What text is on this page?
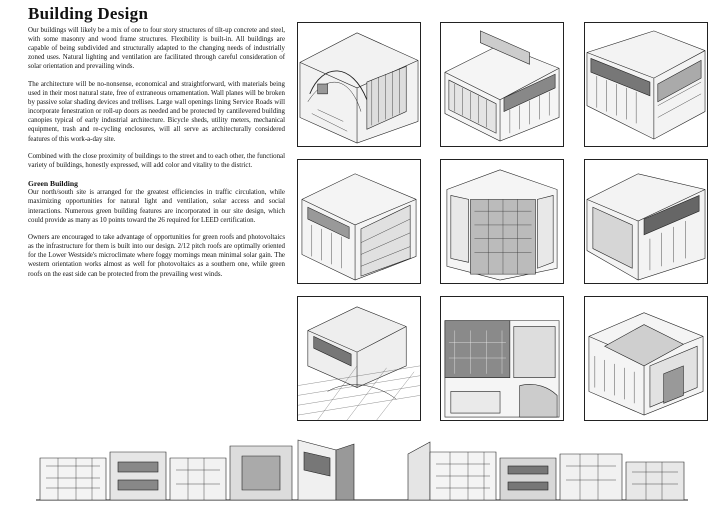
Building Design

Our buildings will likely be a mix of one to four story structures of tilt-up concrete and steel, with some masonry and wood frame structures. Flexibility is built-in. All buildings are capable of being subdivided and structurally adapted to the changing needs of industrially zoned uses. Natural lighting and ventilation are facilitated through careful consideration of solar orientation and prevailing winds.

The architecture will be no-nonsense, economical and straightforward, with materials being used in their most natural state, free of extraneous ornamentation. Wall planes will be broken by passive solar shading devices and trellises. Large wall openings lining Service Roads will incorporate fenestration or roll-up doors as needed and be protected by cantilevered building canopies typical of early industrial architecture. Bicycle sheds, utility meters, mechanical equipment, trash and re-cycling enclosures, will all serve as architecturally considered features of this work-a-day site.

Combined with the close proximity of buildings to the street and to each other, the functional variety of buildings, honestly expressed, will add color and vitality to the district.

Green Building

Our north/south site is arranged for the greatest efficiencies in traffic circulation, while maximizing opportunities for natural light and ventilation, solar access and social interactions. Numerous green building features are incorporated in our site design, which could provide as many as 10 points toward the 26 required for LEED certification.

Owners are encouraged to take advantage of opportunities for green roofs and photovoltaics as the infrastructure for them is built into our design. 2/12 pitch roofs are optimally oriented for the Lower Westside's microclimate where foggy mornings mean minimal solar gain. The western orientation works almost as well for photovoltaics as a southern one, while green roofs on the east side can be protected from the prevailing west winds.
